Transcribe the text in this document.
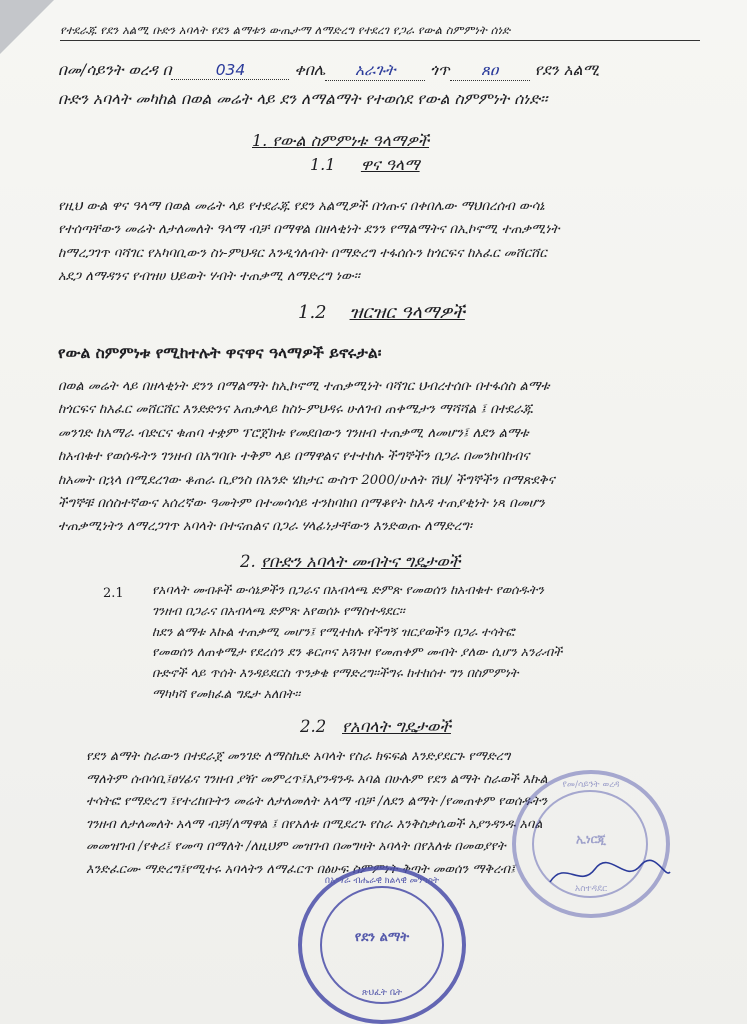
የተደራጁ የደን አልሚ ቡድን አባላት የደን ልማቱን ውጤታማ ለማድረግ የተደረገ የጋራ የውል ስምምነት ሰነድ
በመ/ሳይንት ወረዳ በ	034	ቀበሌ አራጉት ጎጥ ጸዐ የደን አልሚ
ቡድን አባላት መካከል በወል መሬት ላይ ደን ለማልማት የተወሰደ የውል ስምምነት ሰነድ፡፡
1. የውል ስምምነቱ ዓላማዎች
1.1 ዋና ዓላማ
የዚህ ውል ዋና ዓላማ በወል መሬት ላይ የተደራጁ የደን አልሚዎች በጎጡና በቀበሌው ማህበረሰብ ውሳኔ
የተሰጣቸውን መሬት ለታለመለት ዓላማ ብቻ በማዋል በዘላቂነት ደንን የማልማትና በኢኮኖሚ ተጠቃሚነት
ከማረጋገጥ ባሻገር የአካባቢውን ስነ-ምህዳር እንዲጎለብት በማድረግ ተፋሰሱን ከጎርፍና ከአፈር መሸርሸር
አደጋ ለማዳንና የብዝሀ ህይወት ሃብት ተጠቃሚ ለማድረግ ነው፡፡
1.2 ዝርዝር ዓላማዎች
የውል ስምምነቱ የሚከተሉት ዋናዋና ዓላማዎች ይኖሩታል፡
በወል መሬት ላይ በዘላቂነት ደንን በማልማት ከኢኮኖሚ ተጠቃሚነት ባሻገር ህብረተሰቡ በተፋሰስ ልማቱ
ከጎርፍና ከአፈር መሸርሸር እንድድንና አጠቃላይ ከስነ-ምህዳሩ ሁለገብ ጠቀሜታን ማሻሻል ፤ በተደራጁ
መንገድ ከአማራ ብድርና ቁጠባ ተቋም ፕሮጀክቱ የመደበውን ገንዘብ ተጠቃሚ ለመሆን፤ ለደን ልማቱ
ከአብቁተ የወሰዱትን ገንዘብ በአግባቡ ተቅም ላይ በማዋልና የተተከሉ ችግኞችን በጋራ በመንከባከብና
ከአመት በኋላ በሚደረገው ቆጠራ ቢያንስ በአንድ ሄክታር ውስጥ 2000/ሁለት ሽህ/ ችግኞችን በማጽደቅና
ችግኞቹ በሰስተኛውና አሰረኛው ዓመትም በተመሳሳይ ተንከባክበ በማቆየት ከእዳ ተጠያቂነት ነጻ በመሆን
ተጠቃሚነትን ለማረጋገጥ አባላት በተናጠልና በጋራ ሃላፊነታቸውን እንድወጡ ለማድረግ፡
2. የቡድን አባላት መብትና ግዴታወች
2.1 የአባላት መብቶች ውሳኔዎችን በጋራና በአብላጫ ድምጽ የመወሰን ከአብቁተ የወሰዱትን
ገንዘብ በጋራና በአብላጫ ድምጽ አየወሰኑ የማስተዳደር፡፡
ከደን ልማቱ እኩል ተጠቃሚ መሆን፤ የሚተከሉ የችግኝ ዝርያወችን በጋራ ተሳትፎ
የመወሰን ለጠቀሜታ የደረሰን ደን ቆርጦና አጓጉዞ የመጠቀም መብት ያለው ሲሆን አንራብች
ቡድኖች ላይ ጥሰት እንዳይደርስ ጥንቃቄ የማድረግ፡፡ችግሩ ከተከሰተ ግን በስምምነት
ማካካሻ የመክፈል ግዴታ አለበት፡፡
2.2 የአባላት ግዴታወች
የደን ልማት ስራውን በተደራጀ መንገድ ለማስኬድ አባላት የስራ ክፍፍል እንድያደርጉ የማድረግ
ማለትም ሰብሳቢ፤ፀሃፊና ገንዘብ ያዥ መምረጥ፤እያንዳንዱ አባል በሁሉም የደን ልማት ስራወች እኩል
ተሳትፎ የማድረግ ፤የተረከቡትን መሬት ለታለመለት አላማ ብቻ /ለደን ልማት /የመጠቀም የወሰዱትን
ገንዘብ ለታለመለት አላማ ብቻ/ለማዋል ፤ በየአለቱ በሚደረጉ የስራ እንቅስቃሴወች አያንዳንዱ አባል
መመዝገብ /የቀሪ፤ የመጣ በማለት /ለዚህም መዝገብ በመግዛት አባላት በየእለቱ በመወያየት
እንድፈርሙ ማድረግ፤የሚተሩ አባላትን ለማፈርጥ በፅሁፍ ስምምነት ቅጣት መወሰን ማቅረብ፤
በአማራ ብሔራዊ ክልላዊ መንግስት
የደን ልማት
ጽህፈት ቤት
የመ/ሳይንት ወረዳ
ኢነርጂ
አስተዳደር
